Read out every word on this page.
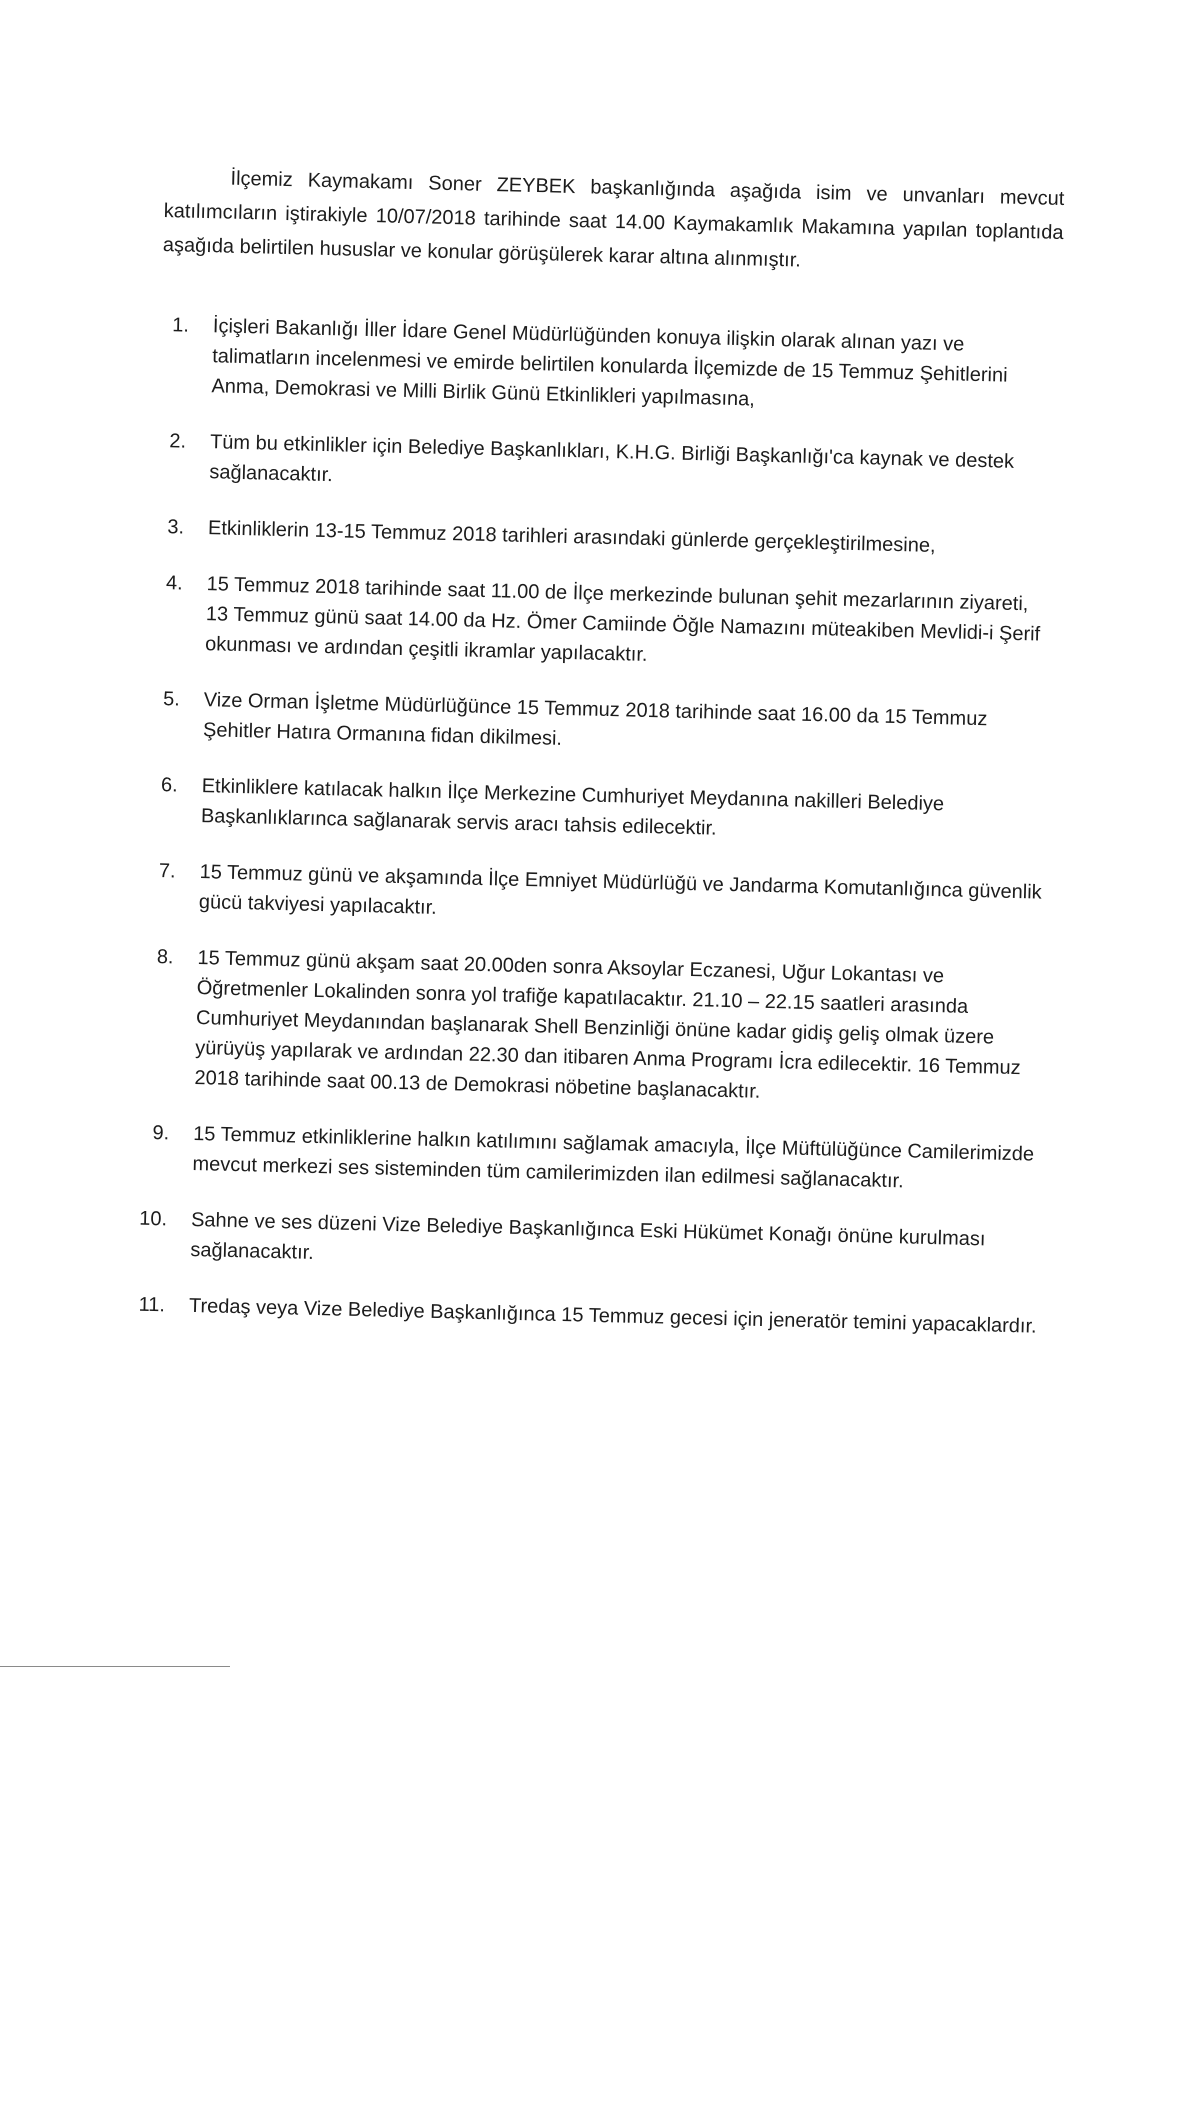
İlçemiz Kaymakamı Soner ZEYBEK başkanlığında aşağıda isim ve unvanları mevcut katılımcıların iştirakiyle 10/07/2018 tarihinde saat 14.00 Kaymakamlık Makamına yapılan toplantıda aşağıda belirtilen hususlar ve konular görüşülerek karar altına alınmıştır.

1.	İçişleri Bakanlığı İller İdare Genel Müdürlüğünden konuya ilişkin olarak alınan yazı ve talimatların incelenmesi ve emirde belirtilen konularda İlçemizde de 15 Temmuz Şehitlerini Anma, Demokrasi ve Milli Birlik Günü Etkinlikleri yapılmasına,
2.	Tüm bu etkinlikler için Belediye Başkanlıkları, K.H.G. Birliği Başkanlığı'ca kaynak ve destek sağlanacaktır.
3.	Etkinliklerin 13-15 Temmuz 2018 tarihleri arasındaki günlerde gerçekleştirilmesine,
4.	15 Temmuz 2018 tarihinde saat 11.00 de İlçe merkezinde bulunan şehit mezarlarının ziyareti, 13 Temmuz günü saat 14.00 da Hz. Ömer Camiinde Öğle Namazını müteakiben Mevlidi-i Şerif okunması ve ardından çeşitli ikramlar yapılacaktır.
5.	Vize Orman İşletme Müdürlüğünce 15 Temmuz 2018 tarihinde saat 16.00 da 15 Temmuz Şehitler Hatıra Ormanına fidan dikilmesi.
6.	Etkinliklere katılacak halkın İlçe Merkezine Cumhuriyet Meydanına nakilleri Belediye Başkanlıklarınca sağlanarak servis aracı tahsis edilecektir.
7.	15 Temmuz günü ve akşamında İlçe Emniyet Müdürlüğü ve Jandarma Komutanlığınca güvenlik gücü takviyesi yapılacaktır.
8.	15 Temmuz günü akşam saat 20.00den sonra Aksoylar Eczanesi, Uğur Lokantası ve Öğretmenler Lokalinden sonra yol trafiğe kapatılacaktır. 21.10 – 22.15 saatleri arasında Cumhuriyet Meydanından başlanarak Shell Benzinliği önüne kadar gidiş geliş olmak üzere yürüyüş yapılarak ve ardından 22.30 dan itibaren Anma Programı İcra edilecektir. 16 Temmuz 2018 tarihinde saat 00.13 de Demokrasi nöbetine başlanacaktır.
9.	15 Temmuz etkinliklerine halkın katılımını sağlamak amacıyla, İlçe Müftülüğünce Camilerimizde mevcut merkezi ses sisteminden tüm camilerimizden ilan edilmesi sağlanacaktır.
10.	Sahne ve ses düzeni Vize Belediye Başkanlığınca Eski Hükümet Konağı önüne kurulması sağlanacaktır.
11.	Tredaş veya Vize Belediye Başkanlığınca 15 Temmuz gecesi için jeneratör temini yapacaklardır.
